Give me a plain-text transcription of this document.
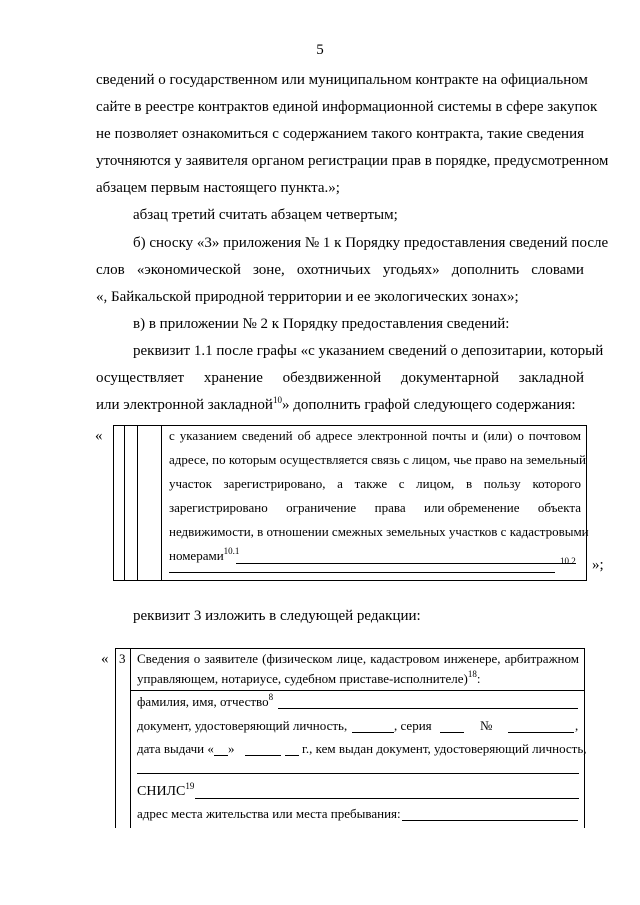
5
сведений о государственном или муниципальном контракте на официальном
сайте в реестре контрактов единой информационной системы в сфере закупок
не позволяет ознакомиться с содержанием такого контракта, такие сведения
уточняются у заявителя органом регистрации прав в порядке, предусмотренном
абзацем первым настоящего пункта.»;
абзац третий считать абзацем четвертым;
б) сноску «3» приложения № 1 к Порядку предоставления сведений после
слов «экономической зоне, охотничьих угодьях» дополнить словами
«, Байкальской природной территории и ее экологических зонах»;
в) в приложении № 2 к Порядку предоставления сведений:
реквизит 1.1 после графы «с указанием сведений о депозитарии, который
осуществляет хранение обездвиженной документарной закладной
или электронной закладной$^{10}$» дополнить графой следующего содержания:
«	с указанием сведений об адресе электронной почты и (или) о почтовом
адресе, по которым осуществляется связь с лицом, чье право на земельный
участок зарегистрировано, а также с лицом, в пользу которого
зарегистрировано ограничение права или обременение объекта
недвижимости, в отношении смежных земельных участков с кадастровыми
номерами$^{10.1}$
10.2 »;
реквизит 3 изложить в следующей редакции:
« 3 Сведения о заявителе (физическом лице, кадастровом инженере, арбитражном
управляющем, нотариусе, судебном приставе-исполнителе)$^{18}$:
фамилия, имя, отчество$^8$
документ, удостоверяющий личность,	, серия	№	,
дата выдачи « »	г., кем выдан документ, удостоверяющий личность,
СНИЛС$^{19}$
адрес места жительства или места пребывания:
